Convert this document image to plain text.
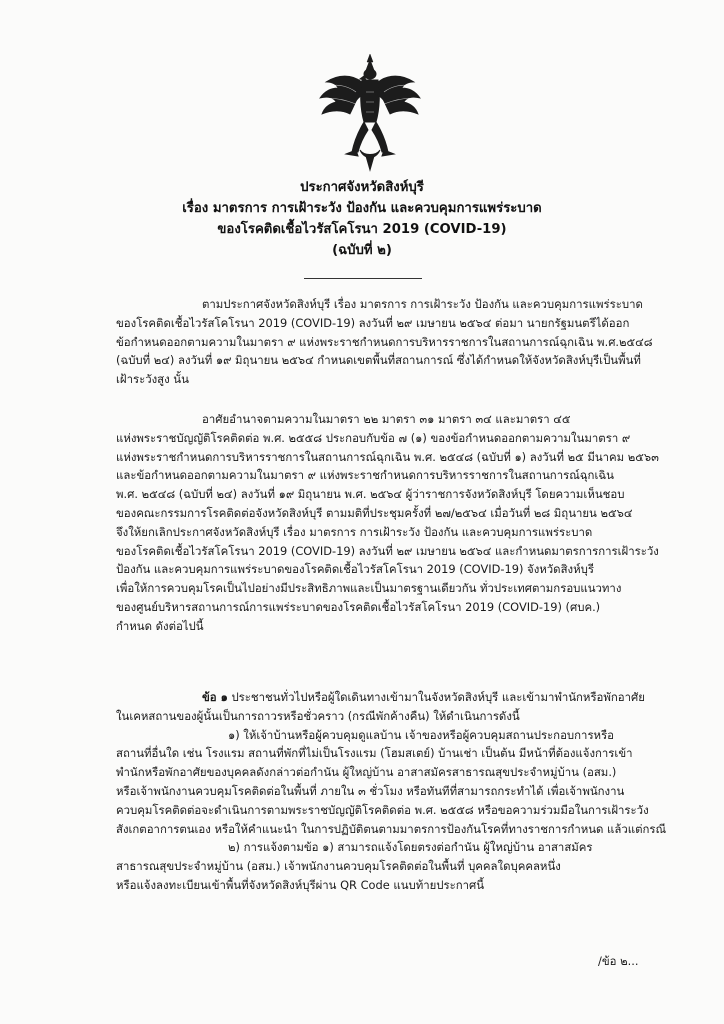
ประกาศจังหวัดสิงห์บุรี
เรื่อง มาตรการ การเฝ้าระวัง ป้องกัน และควบคุมการแพร่ระบาด
ของโรคติดเชื้อไวรัสโคโรนา 2019 (COVID-19)
(ฉบับที่ ๒)
ตามประกาศจังหวัดสิงห์บุรี เรื่อง มาตรการ การเฝ้าระวัง ป้องกัน และควบคุมการแพร่ระบาด
ของโรคติดเชื้อไวรัสโคโรนา 2019 (COVID-19) ลงวันที่ ๒๙ เมษายน ๒๕๖๔ ต่อมา นายกรัฐมนตรีได้ออก
ข้อกำหนดออกตามความในมาตรา ๙ แห่งพระราชกำหนดการบริหารราชการในสถานการณ์ฉุกเฉิน พ.ศ.๒๕๔๘
(ฉบับที่ ๒๔) ลงวันที่ ๑๙ มิถุนายน ๒๕๖๔ กำหนดเขตพื้นที่สถานการณ์ ซึ่งได้กำหนดให้จังหวัดสิงห์บุรีเป็นพื้นที่
เฝ้าระวังสูง นั้น
อาศัยอำนาจตามความในมาตรา ๒๒ มาตรา ๓๑ มาตรา ๓๔ และมาตรา ๔๕
แห่งพระราชบัญญัติโรคติดต่อ พ.ศ. ๒๕๕๘ ประกอบกับข้อ ๗ (๑) ของข้อกำหนดออกตามความในมาตรา ๙
แห่งพระราชกำหนดการบริหารราชการในสถานการณ์ฉุกเฉิน พ.ศ. ๒๕๔๘ (ฉบับที่ ๑) ลงวันที่ ๒๕ มีนาคม ๒๕๖๓
และข้อกำหนดออกตามความในมาตรา ๙ แห่งพระราชกำหนดการบริหารราชการในสถานการณ์ฉุกเฉิน
พ.ศ. ๒๕๔๘ (ฉบับที่ ๒๔) ลงวันที่ ๑๙ มิถุนายน พ.ศ. ๒๕๖๔ ผู้ว่าราชการจังหวัดสิงห์บุรี โดยความเห็นชอบ
ของคณะกรรมการโรคติดต่อจังหวัดสิงห์บุรี ตามมติที่ประชุมครั้งที่ ๒๗/๒๕๖๔ เมื่อวันที่ ๒๘ มิถุนายน ๒๕๖๔
จึงให้ยกเลิกประกาศจังหวัดสิงห์บุรี เรื่อง มาตรการ การเฝ้าระวัง ป้องกัน และควบคุมการแพร่ระบาด
ของโรคติดเชื้อไวรัสโคโรนา 2019 (COVID-19) ลงวันที่ ๒๙ เมษายน ๒๕๖๔ และกำหนดมาตรการการเฝ้าระวัง
ป้องกัน และควบคุมการแพร่ระบาดของโรคติดเชื้อไวรัสโคโรนา 2019 (COVID-19) จังหวัดสิงห์บุรี
เพื่อให้การควบคุมโรคเป็นไปอย่างมีประสิทธิภาพและเป็นมาตรฐานเดียวกัน ทั่วประเทศตามกรอบแนวทาง
ของศูนย์บริหารสถานการณ์การแพร่ระบาดของโรคติดเชื้อไวรัสโคโรนา 2019 (COVID-19) (ศบค.)
กำหนด ดังต่อไปนี้
ข้อ ๑ ประชาชนทั่วไปหรือผู้ใดเดินทางเข้ามาในจังหวัดสิงห์บุรี และเข้ามาพำนักหรือพักอาศัย
ในเคหสถานของผู้นั้นเป็นการถาวรหรือชั่วคราว (กรณีพักค้างคืน) ให้ดำเนินการดังนี้
๑) ให้เจ้าบ้านหรือผู้ควบคุมดูแลบ้าน เจ้าของหรือผู้ควบคุมสถานประกอบการหรือ
สถานที่อื่นใด เช่น โรงแรม สถานที่พักที่ไม่เป็นโรงแรม (โฮมสเตย์) บ้านเช่า เป็นต้น มีหน้าที่ต้องแจ้งการเข้า
พำนักหรือพักอาศัยของบุคคลดังกล่าวต่อกำนัน ผู้ใหญ่บ้าน อาสาสมัครสาธารณสุขประจำหมู่บ้าน (อสม.)
หรือเจ้าพนักงานควบคุมโรคติดต่อในพื้นที่ ภายใน ๓ ชั่วโมง หรือทันทีที่สามารถกระทำได้ เพื่อเจ้าพนักงาน
ควบคุมโรคติดต่อจะดำเนินการตามพระราชบัญญัติโรคติดต่อ พ.ศ. ๒๕๕๘ หรือขอความร่วมมือในการเฝ้าระวัง
สังเกตอาการตนเอง หรือให้คำแนะนำ ในการปฏิบัติตนตามมาตรการป้องกันโรคที่ทางราชการกำหนด แล้วแต่กรณี
๒) การแจ้งตามข้อ ๑) สามารถแจ้งโดยตรงต่อกำนัน ผู้ใหญ่บ้าน อาสาสมัคร
สาธารณสุขประจำหมู่บ้าน (อสม.) เจ้าพนักงานควบคุมโรคติดต่อในพื้นที่ บุคคลใดบุคคลหนึ่ง
หรือแจ้งลงทะเบียนเข้าพื้นที่จังหวัดสิงห์บุรีผ่าน QR Code แนบท้ายประกาศนี้
/ข้อ ๒...
